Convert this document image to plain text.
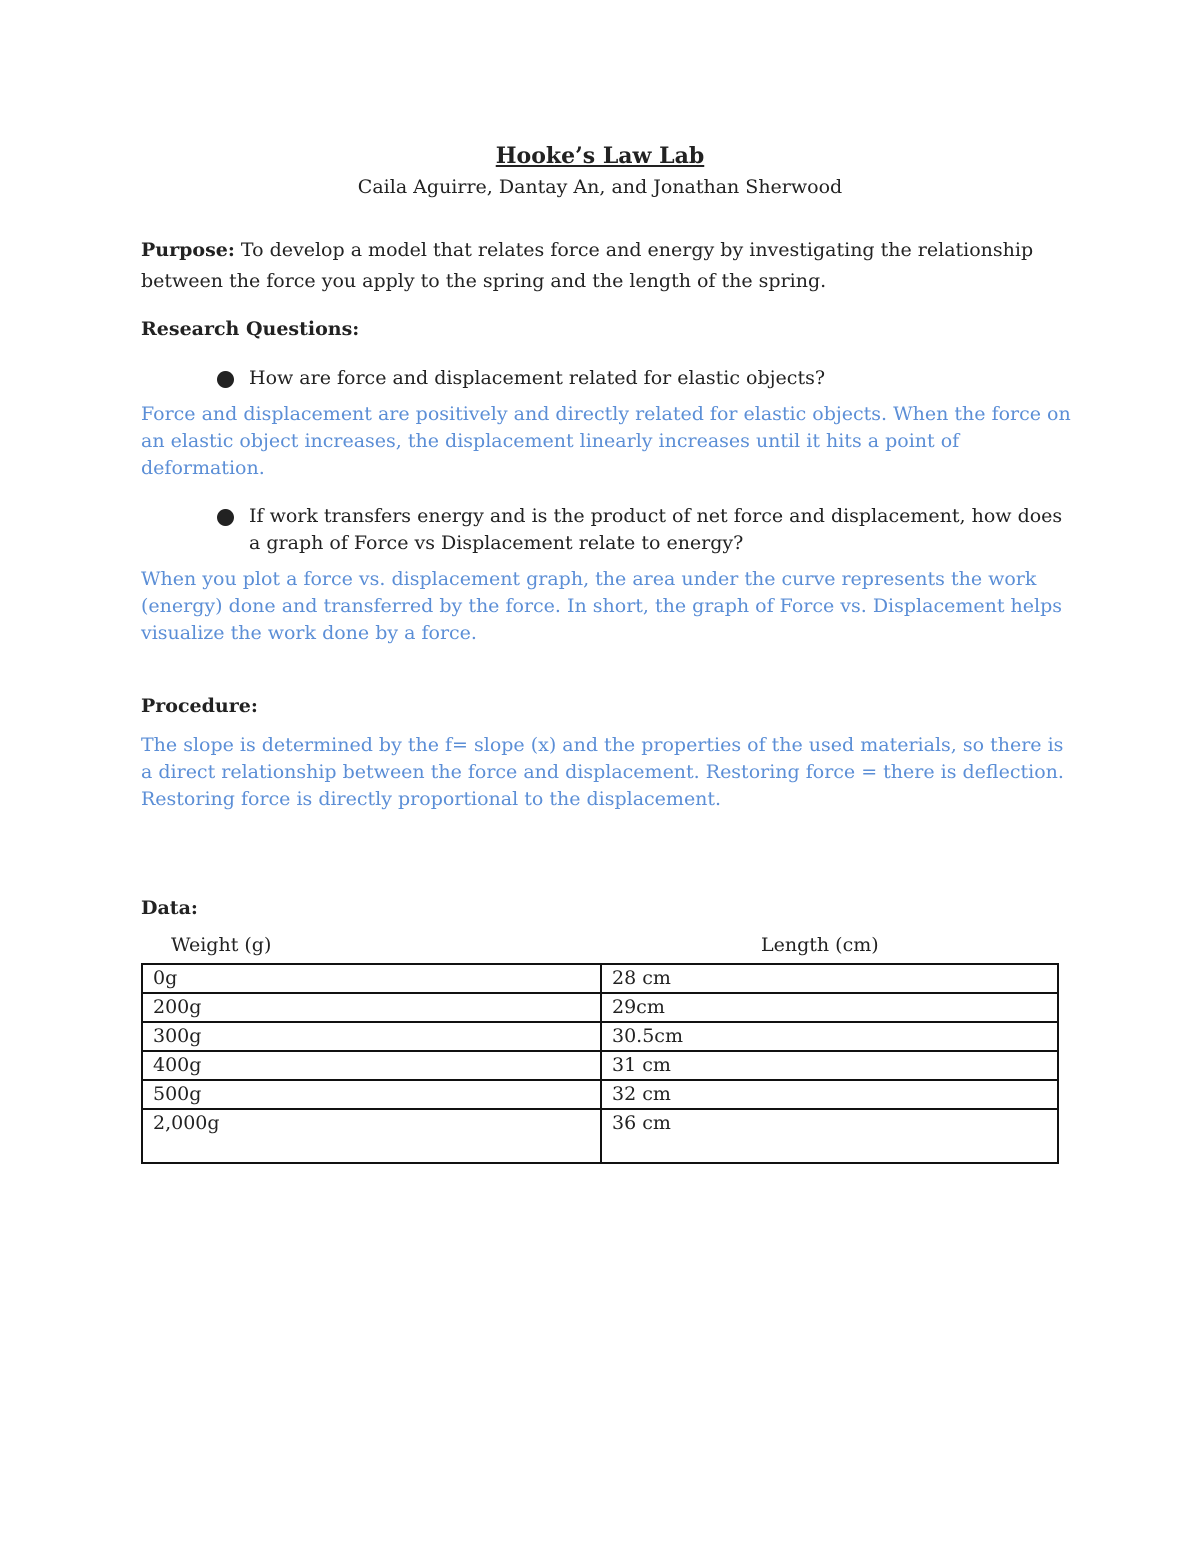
Hooke’s Law Lab
Caila Aguirre, Dantay An, and Jonathan Sherwood
Purpose: To develop a model that relates force and energy by investigating the relationship between the force you apply to the spring and the length of the spring.
Research Questions:
How are force and displacement related for elastic objects?
Force and displacement are positively and directly related for elastic objects. When the force on an elastic object increases, the displacement linearly increases until it hits a point of deformation.
If work transfers energy and is the product of net force and displacement, how does a graph of Force vs Displacement relate to energy?
When you plot a force vs. displacement graph, the area under the curve represents the work (energy) done and transferred by the force. In short, the graph of Force vs. Displacement helps visualize the work done by a force.
Procedure:
The slope is determined by the f= slope (x) and the properties of the used materials, so there is a direct relationship between the force and displacement. Restoring force = there is deflection. Restoring force is directly proportional to the displacement.
Data:
Weight (g)	Length (cm)
0g	28 cm
200g	29cm
300g	30.5cm
400g	31 cm
500g	32 cm
2,000g	36 cm
